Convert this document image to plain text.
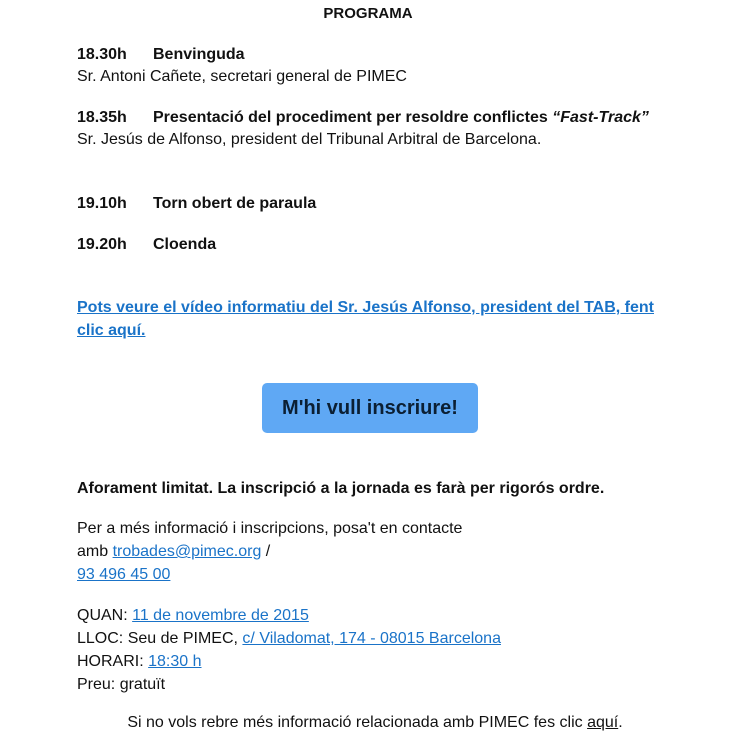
PROGRAMA
18.30h Benvinguda
Sr. Antoni Cañete, secretari general de PIMEC
18.35h Presentació del procediment per resoldre conflictes “Fast-Track”
Sr. Jesús de Alfonso, president del Tribunal Arbitral de Barcelona.
19.10h Torn obert de paraula
19.20h Cloenda
Pots veure el vídeo informatiu del Sr. Jesús Alfonso, president del TAB, fent clic aquí.
M'hi vull inscriure!
Aforament limitat. La inscripció a la jornada es farà per rigorós ordre.
Per a més informació i inscripcions, posa't en contacte
amb trobades@pimec.org /
93 496 45 00
QUAN: 11 de novembre de 2015
LLOC: Seu de PIMEC, c/ Viladomat, 174 - 08015 Barcelona
HORARI: 18:30 h
Preu: gratuït
Si no vols rebre més informació relacionada amb PIMEC fes clic aquí.
